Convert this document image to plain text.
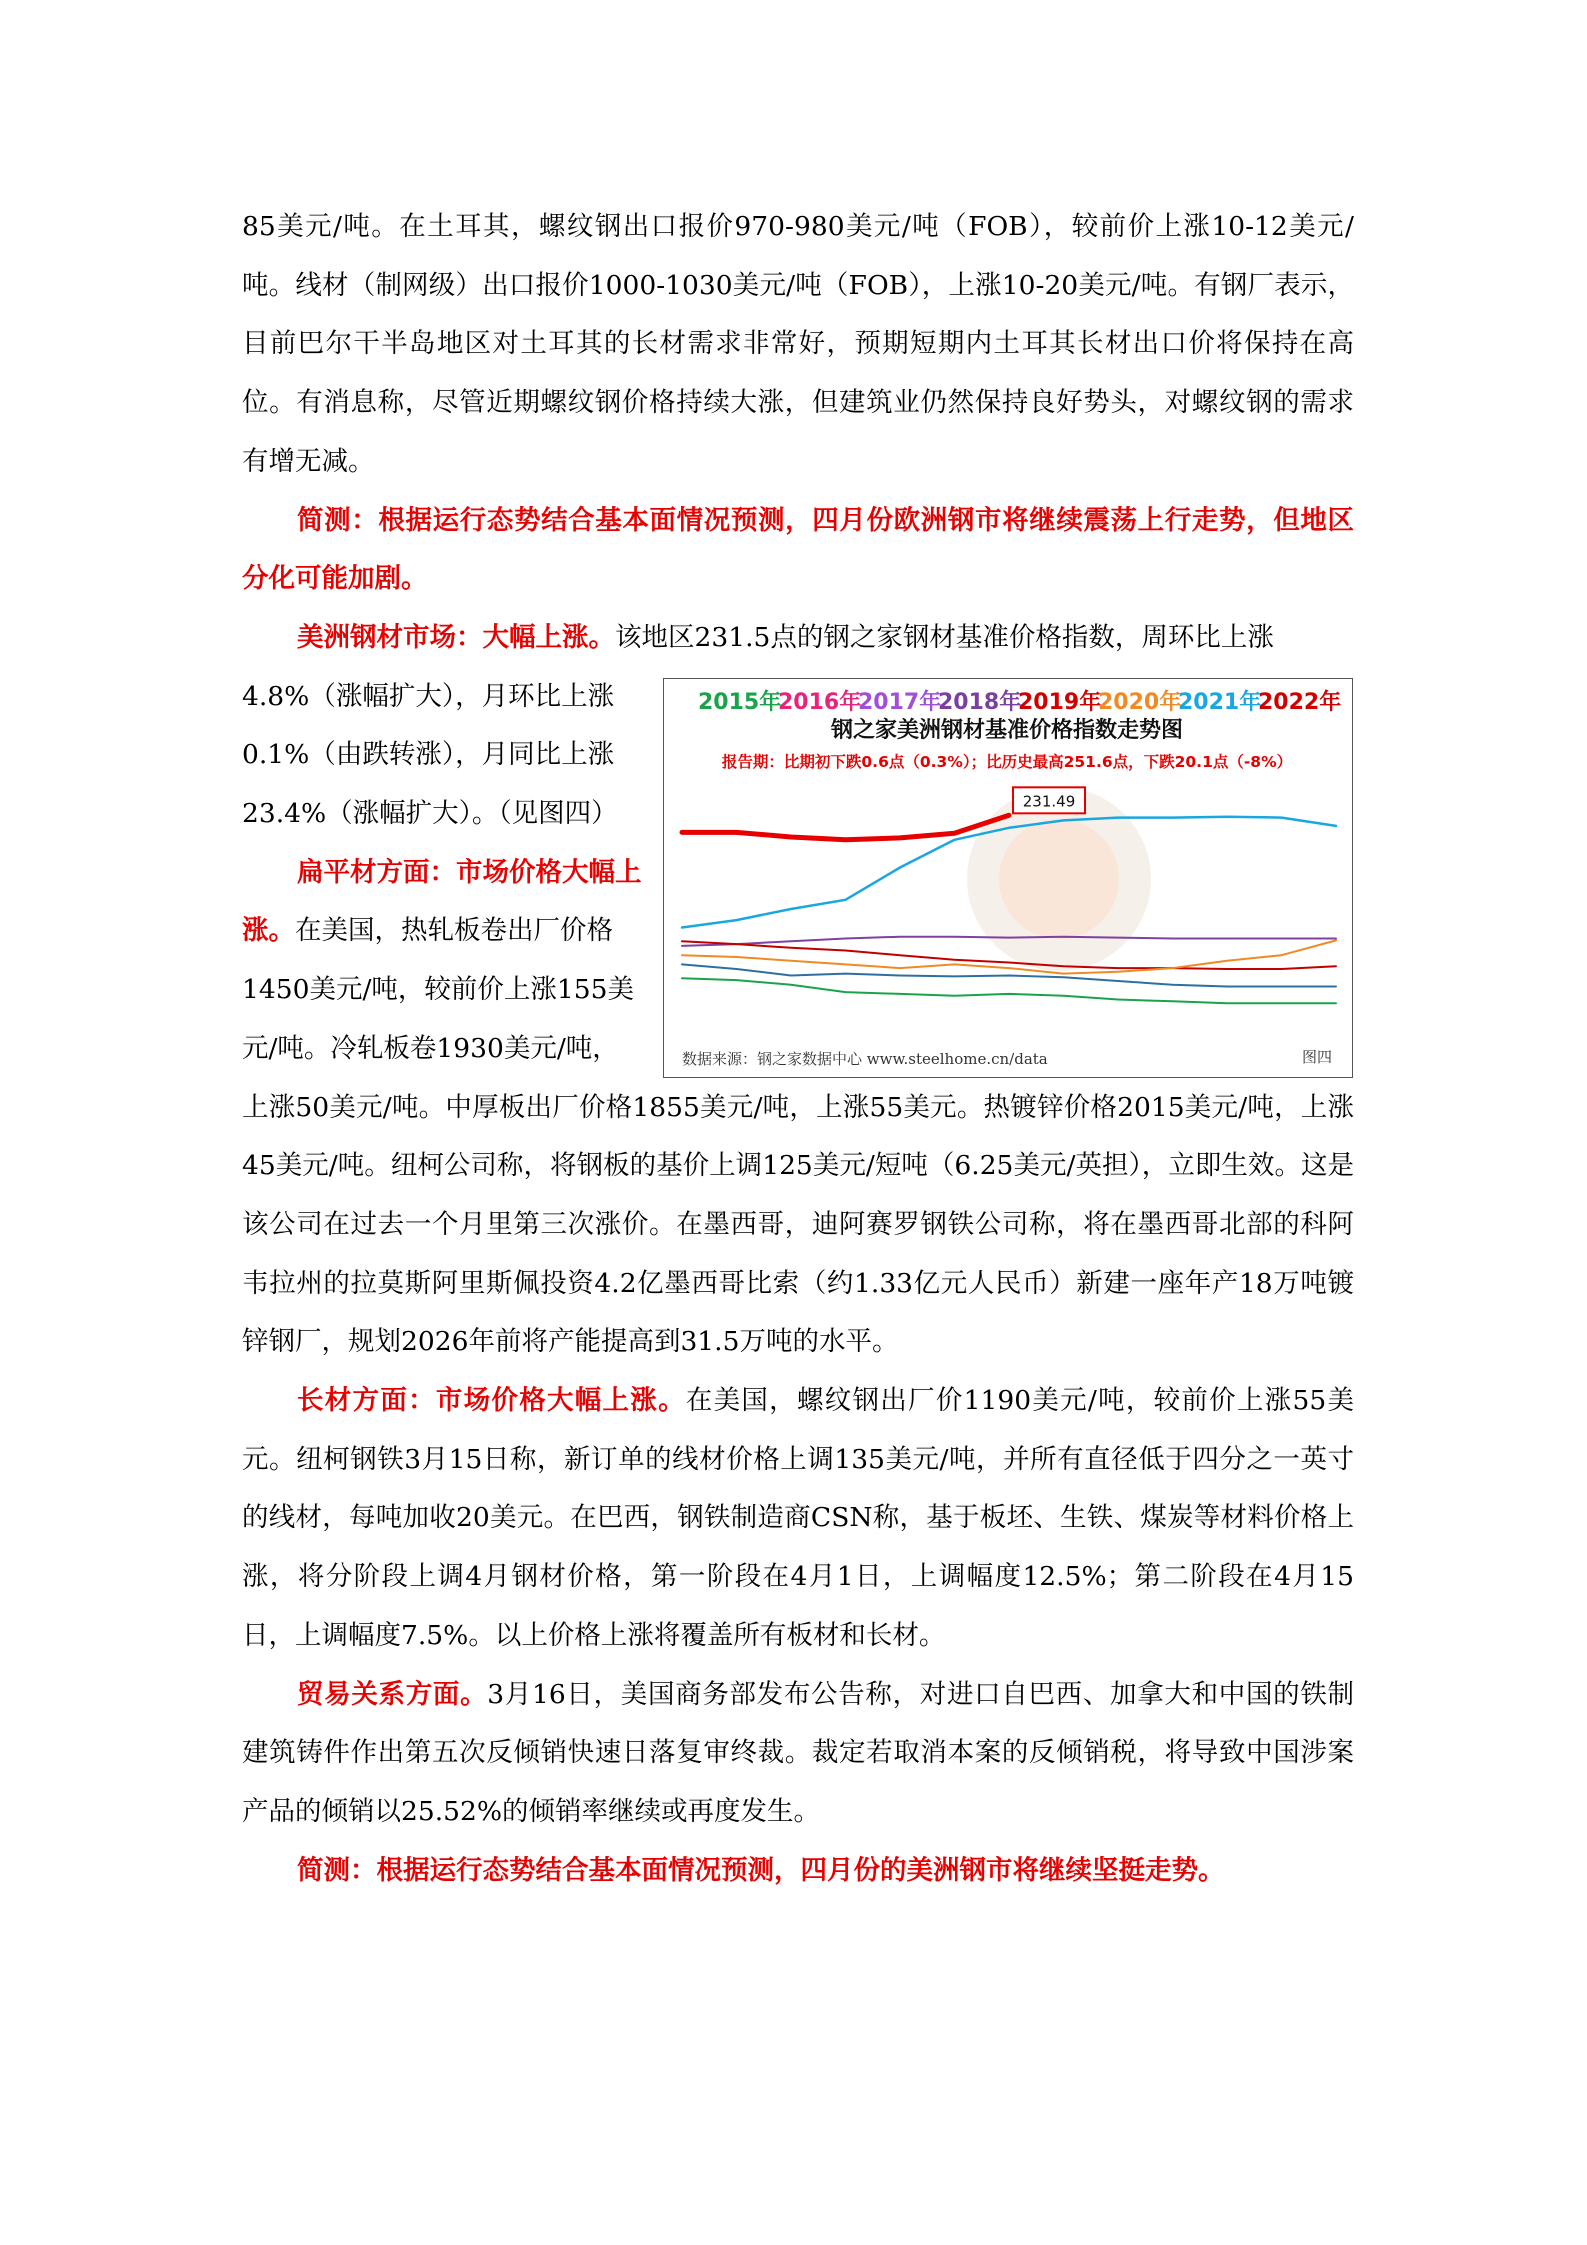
85美元/吨。在土耳其，螺纹钢出口报价970-980美元/吨（FOB），较前价上涨10-12美元/吨。线材（制网级）出口报价1000-1030美元/吨（FOB），上涨10-20美元/吨。有钢厂表示，目前巴尔干半岛地区对土耳其的长材需求非常好，预期短期内土耳其长材出口价将保持在高位。有消息称，尽管近期螺纹钢价格持续大涨，但建筑业仍然保持良好势头，对螺纹钢的需求有增无减。

简测：根据运行态势结合基本面情况预测，四月份欧洲钢市将继续震荡上行走势，但地区分化可能加剧。

美洲钢材市场：大幅上涨。该地区231.5点的钢之家钢材基准价格指数，周环比上涨

4.8%（涨幅扩大），月环比上涨

0.1%（由跌转涨），月同比上涨

23.4%（涨幅扩大）。（见图四）

扁平材方面：市场价格大幅上

涨。在美国，热轧板卷出厂价格

1450美元/吨，较前价上涨155美

元/吨。冷轧板卷1930美元/吨，

2015年
2016年
2017年
2018年
2019年
2020年
2021年
2022年
钢之家美洲钢材基准价格指数走势图
报告期：比期初下跌0.6点（0.3%）；比历史最高251.6点，下跌20.1点（-8%）
231.49
数据来源：钢之家数据中心 www.steelhome.cn/data	图四

上涨50美元/吨。中厚板出厂价格1855美元/吨，上涨55美元。热镀锌价格2015美元/吨，上涨45美元/吨。纽柯公司称，将钢板的基价上调125美元/短吨（6.25美元/英担），立即生效。这是该公司在过去一个月里第三次涨价。在墨西哥，迪阿赛罗钢铁公司称，将在墨西哥北部的科阿韦拉州的拉莫斯阿里斯佩投资4.2亿墨西哥比索（约1.33亿元人民币）新建一座年产18万吨镀锌钢厂，规划2026年前将产能提高到31.5万吨的水平。

长材方面：市场价格大幅上涨。在美国，螺纹钢出厂价1190美元/吨，较前价上涨55美元。纽柯钢铁3月15日称，新订单的线材价格上调135美元/吨，并所有直径低于四分之一英寸的线材，每吨加收20美元。在巴西，钢铁制造商CSN称，基于板坯、生铁、煤炭等材料价格上涨，将分阶段上调4月钢材价格，第一阶段在4月1日，上调幅度12.5%；第二阶段在4月15日，上调幅度7.5%。以上价格上涨将覆盖所有板材和长材。

贸易关系方面。3月16日，美国商务部发布公告称，对进口自巴西、加拿大和中国的铁制建筑铸件作出第五次反倾销快速日落复审终裁。裁定若取消本案的反倾销税，将导致中国涉案产品的倾销以25.52%的倾销率继续或再度发生。

简测：根据运行态势结合基本面情况预测，四月份的美洲钢市将继续坚挺走势。
